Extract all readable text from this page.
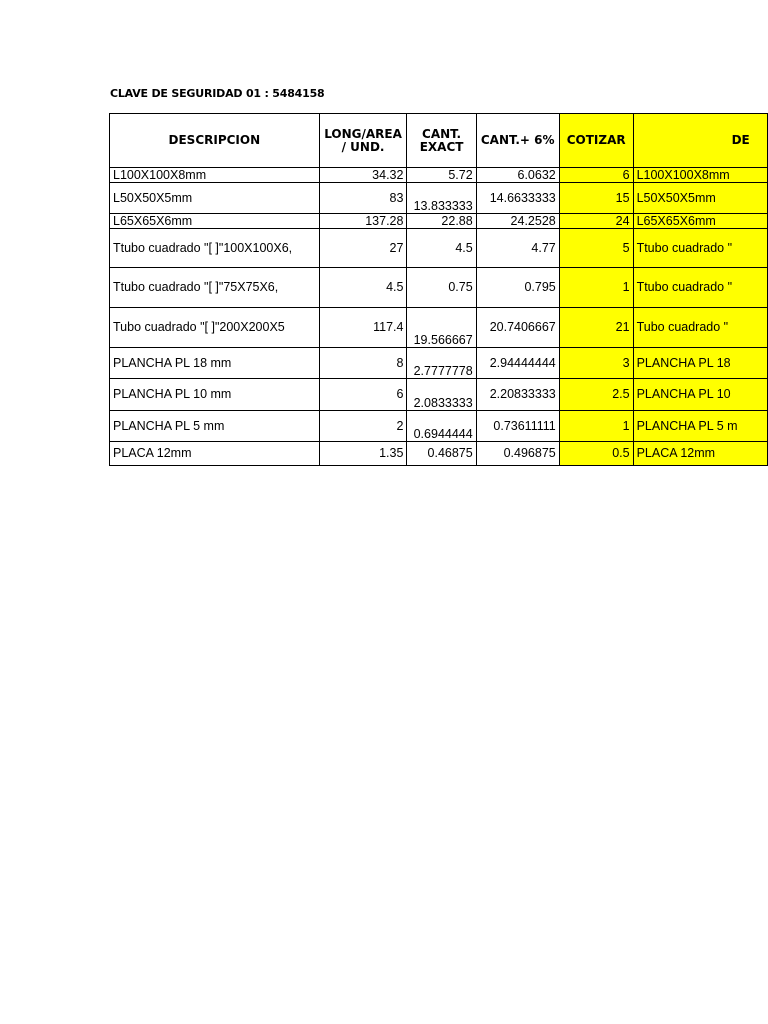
CLAVE DE SEGURIDAD 01 : 5484158
DESCRIPCION	LONG/AREA / UND.	CANT. EXACT	CANT.+ 6%	COTIZAR	DE
L100X100X8mm	34.32	5.72	6.0632	6	L100X100X8mm
L50X50X5mm	83	13.833333	14.6633333	15	L50X50X5mm
L65X65X6mm	137.28	22.88	24.2528	24	L65X65X6mm
Ttubo cuadrado "[ ]"100X100X6,	27	4.5	4.77	5	Ttubo cuadrado "
Ttubo cuadrado "[ ]"75X75X6,	4.5	0.75	0.795	1	Ttubo cuadrado "
Tubo cuadrado "[ ]"200X200X5	117.4	19.566667	20.7406667	21	Tubo cuadrado "
PLANCHA PL 18 mm	8	2.7777778	2.94444444	3	PLANCHA PL 18
PLANCHA PL 10 mm	6	2.0833333	2.20833333	2.5	PLANCHA PL 10
PLANCHA PL 5 mm	2	0.6944444	0.73611111	1	PLANCHA PL 5 m
PLACA 12mm	1.35	0.46875	0.496875	0.5	PLACA 12mm
